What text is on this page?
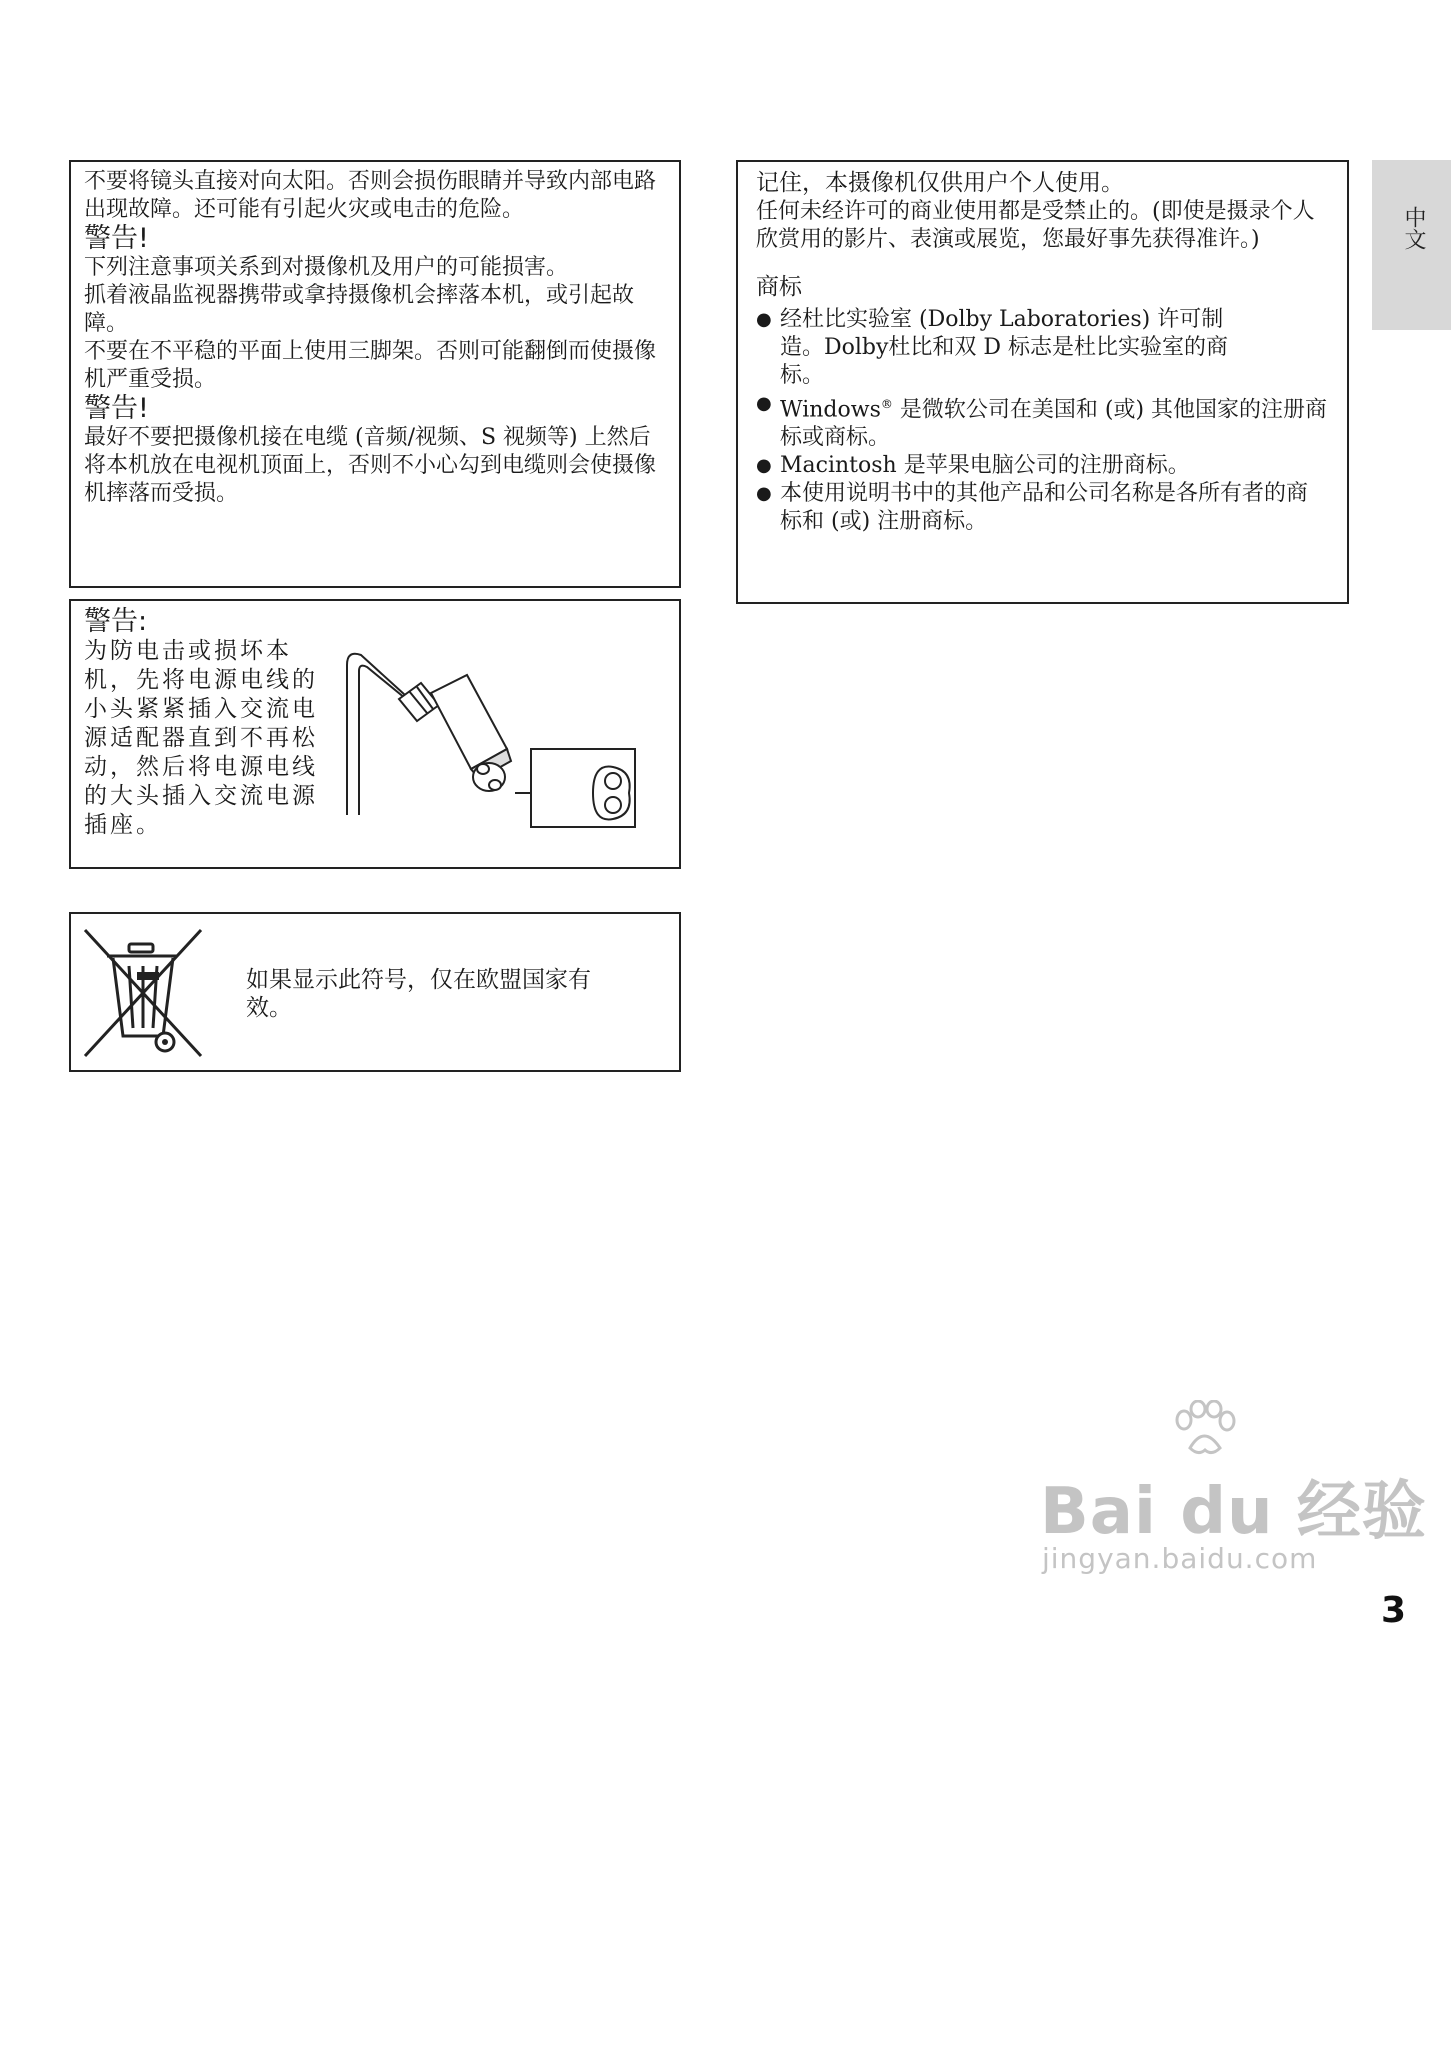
不要将镜头直接对向太阳。否则会损伤眼睛并导致内部电路出现故障。还可能有引起火灾或电击的危险。

警告!

下列注意事项关系到对摄像机及用户的可能损害。

抓着液晶监视器携带或拿持摄像机会摔落本机，或引起故障。

不要在不平稳的平面上使用三脚架。否则可能翻倒而使摄像机严重受损。

警告!

最好不要把摄像机接在电缆 (音频/视频、S 视频等) 上然后将本机放在电视机顶面上，否则不小心勾到电缆则会使摄像机摔落而受损。

警告:

为防电击或损坏本机，先将电源电线的小头紧紧插入交流电源适配器直到不再松动，然后将电源电线的大头插入交流电源插座。

如果显示此符号，仅在欧盟国家有效。

记住，本摄像机仅供用户个人使用。

任何未经许可的商业使用都是受禁止的。(即使是摄录个人欣赏用的影片、表演或展览，您最好事先获得准许。)

商标
● 经杜比实验室 (Dolby Laboratories) 许可制
造。Dolby杜比和双 D 标志是杜比实验室的商
标。
● Windows® 是微软公司在美国和 (或) 其他国家的注册商标或商标。
● Macintosh 是苹果电脑公司的注册商标。
● 本使用说明书中的其他产品和公司名称是各所有者的商标和 (或) 注册商标。
中文
Bai du 经验
jingyan.baidu.com
3
